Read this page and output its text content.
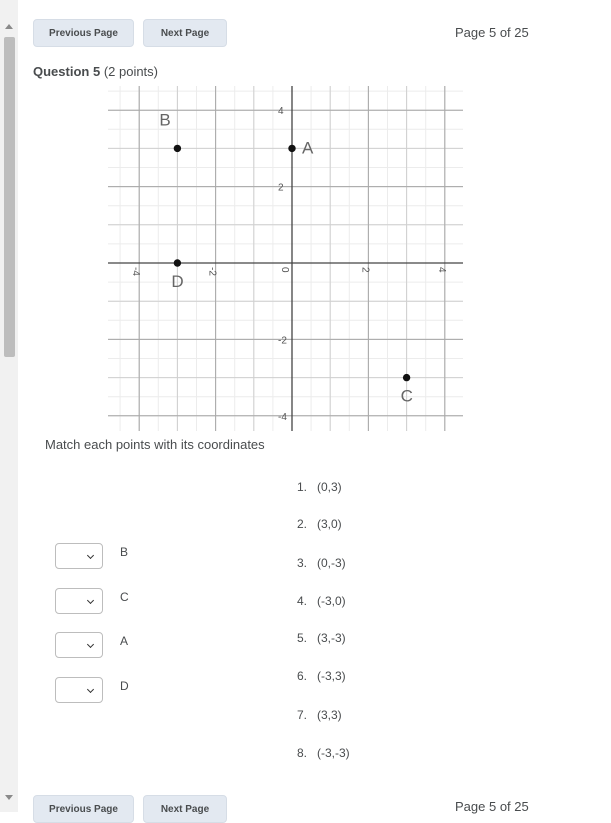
Previous Page	Next Page	Page 5 of 25
Question 5 (2 points)
-4	-2	0	2	4
4
2
-2
-4
A
B
C
D
Match each points with its coordinates
1. (0,3)
2. (3,0)
3. (0,-3)
4. (-3,0)
5. (3,-3)
6. (-3,3)
7. (3,3)
8. (-3,-3)
B
C
A
D
Previous Page	Next Page	Page 5 of 25
